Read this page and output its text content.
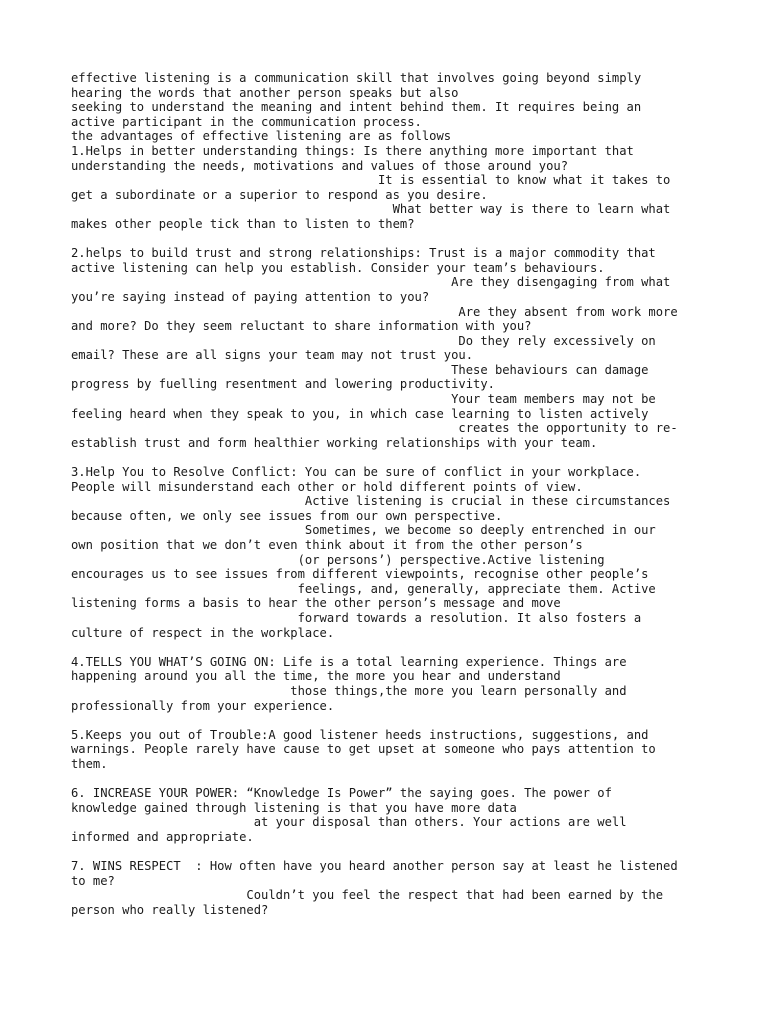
effective listening is a communication skill that involves going beyond simply
hearing the words that another person speaks but also
seeking to understand the meaning and intent behind them. It requires being an
active participant in the communication process.
the advantages of effective listening are as follows
1.Helps in better understanding things: Is there anything more important that
understanding the needs, motivations and values of those around you?
It is essential to know what it takes to
get a subordinate or a superior to respond as you desire.
What better way is there to learn what
makes other people tick than to listen to them?
2.helps to build trust and strong relationships: Trust is a major commodity that
active listening can help you establish. Consider your team’s behaviours.
Are they disengaging from what
you’re saying instead of paying attention to you?
Are they absent from work more
and more? Do they seem reluctant to share information with you?
Do they rely excessively on
email? These are all signs your team may not trust you.
These behaviours can damage
progress by fuelling resentment and lowering productivity.
Your team members may not be
feeling heard when they speak to you, in which case learning to listen actively
creates the opportunity to re-
establish trust and form healthier working relationships with your team.
3.Help You to Resolve Conflict: You can be sure of conflict in your workplace.
People will misunderstand each other or hold different points of view.
Active listening is crucial in these circumstances
because often, we only see issues from our own perspective.
Sometimes, we become so deeply entrenched in our
own position that we don’t even think about it from the other person’s
(or persons’) perspective.Active listening
encourages us to see issues from different viewpoints, recognise other people’s
feelings, and, generally, appreciate them. Active
listening forms a basis to hear the other person’s message and move
forward towards a resolution. It also fosters a
culture of respect in the workplace.
4.TELLS YOU WHAT’S GOING ON: Life is a total learning experience. Things are
happening around you all the time, the more you hear and understand
those things,the more you learn personally and
professionally from your experience.
5.Keeps you out of Trouble:A good listener heeds instructions, suggestions, and
warnings. People rarely have cause to get upset at someone who pays attention to
them.
6. INCREASE YOUR POWER: “Knowledge Is Power” the saying goes. The power of
knowledge gained through listening is that you have more data
at your disposal than others. Your actions are well
informed and appropriate.
7. WINS RESPECT  : How often have you heard another person say at least he listened
to me?
Couldn’t you feel the respect that had been earned by the
person who really listened?
